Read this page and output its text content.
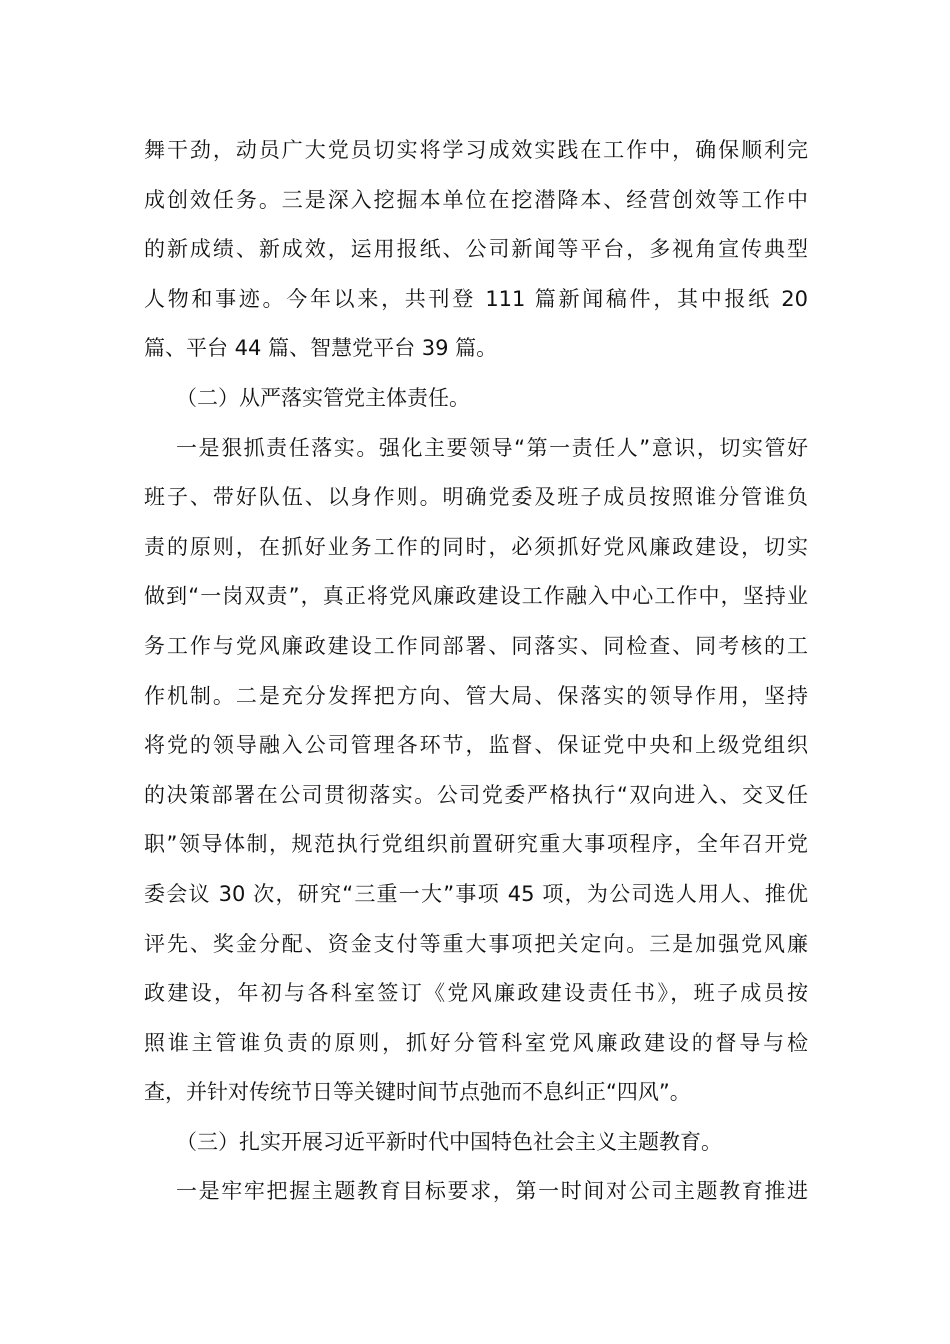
舞干劲，动员广大党员切实将学习成效实践在工作中，确保顺利完
成创效任务。三是深入挖掘本单位在挖潜降本、经营创效等工作中
的新成绩、新成效，运用报纸、公司新闻等平台，多视角宣传典型
人物和事迹。今年以来，共刊登 111 篇新闻稿件，其中报纸 20
篇、平台 44 篇、智慧党平台 39 篇。
（二）从严落实管党主体责任。
一是狠抓责任落实。强化主要领导“第一责任人”意识，切实管好
班子、带好队伍、以身作则。明确党委及班子成员按照谁分管谁负
责的原则，在抓好业务工作的同时，必须抓好党风廉政建设，切实
做到“一岗双责”，真正将党风廉政建设工作融入中心工作中，坚持业
务工作与党风廉政建设工作同部署、同落实、同检查、同考核的工
作机制。二是充分发挥把方向、管大局、保落实的领导作用，坚持
将党的领导融入公司管理各环节，监督、保证党中央和上级党组织
的决策部署在公司贯彻落实。公司党委严格执行“双向进入、交叉任
职”领导体制，规范执行党组织前置研究重大事项程序，全年召开党
委会议 30 次，研究“三重一大”事项 45 项，为公司选人用人、推优
评先、奖金分配、资金支付等重大事项把关定向。三是加强党风廉
政建设，年初与各科室签订《党风廉政建设责任书》，班子成员按
照谁主管谁负责的原则，抓好分管科室党风廉政建设的督导与检
查，并针对传统节日等关键时间节点弛而不息纠正“四风”。
（三）扎实开展习近平新时代中国特色社会主义主题教育。
一是牢牢把握主题教育目标要求，第一时间对公司主题教育推进
